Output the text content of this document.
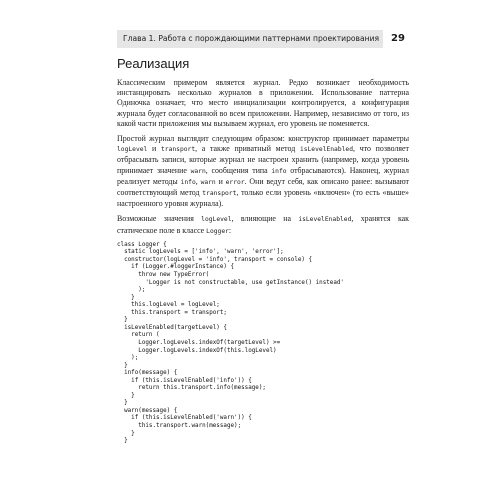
Глава 1. Работа с порождающими паттернами проектирования	29
Реализация

Классическим примером является журнал. Редко возникает необходимость инстанцировать несколько журналов в приложении. Использование паттерна Одиночка означает, что место инициализации контролируется, а конфигурация журнала будет согласованной во всем приложении. Например, независимо от того, из какой части приложения мы вызываем журнал, его уровень не поменяется.

Простой журнал выглядит следующим образом: конструктор принимает параметры logLevel и transport, а также приватный метод isLevelEnabled, что позволяет отбрасывать записи, которые журнал не настроен хранить (например, когда уровень принимает значение warn, сообщения типа info отбрасываются). Наконец, журнал реализует методы info, warn и error. Они ведут себя, как описано ранее: вызывают соответствующий метод transport, только если уровень «включен» (то есть «выше» настроенного уровня журнала).

Возможные значения logLevel, влияющие на isLevelEnabled, хранятся как статическое поле в классе Logger:

class Logger {
static logLevels = ['info', 'warn', 'error'];
constructor(logLevel = 'info', transport = console) {
if (Logger.#loggerInstance) {
throw new TypeError(
'Logger is not constructable, use getInstance() instead'
);
}
this.logLevel = logLevel;
this.transport = transport;
}
isLevelEnabled(targetLevel) {
return (
Logger.logLevels.indexOf(targetLevel) >=
Logger.logLevels.indexOf(this.logLevel)
);
}
info(message) {
if (this.isLevelEnabled('info')) {
return this.transport.info(message);
}
}
warn(message) {
if (this.isLevelEnabled('warn')) {
this.transport.warn(message);
}
}
